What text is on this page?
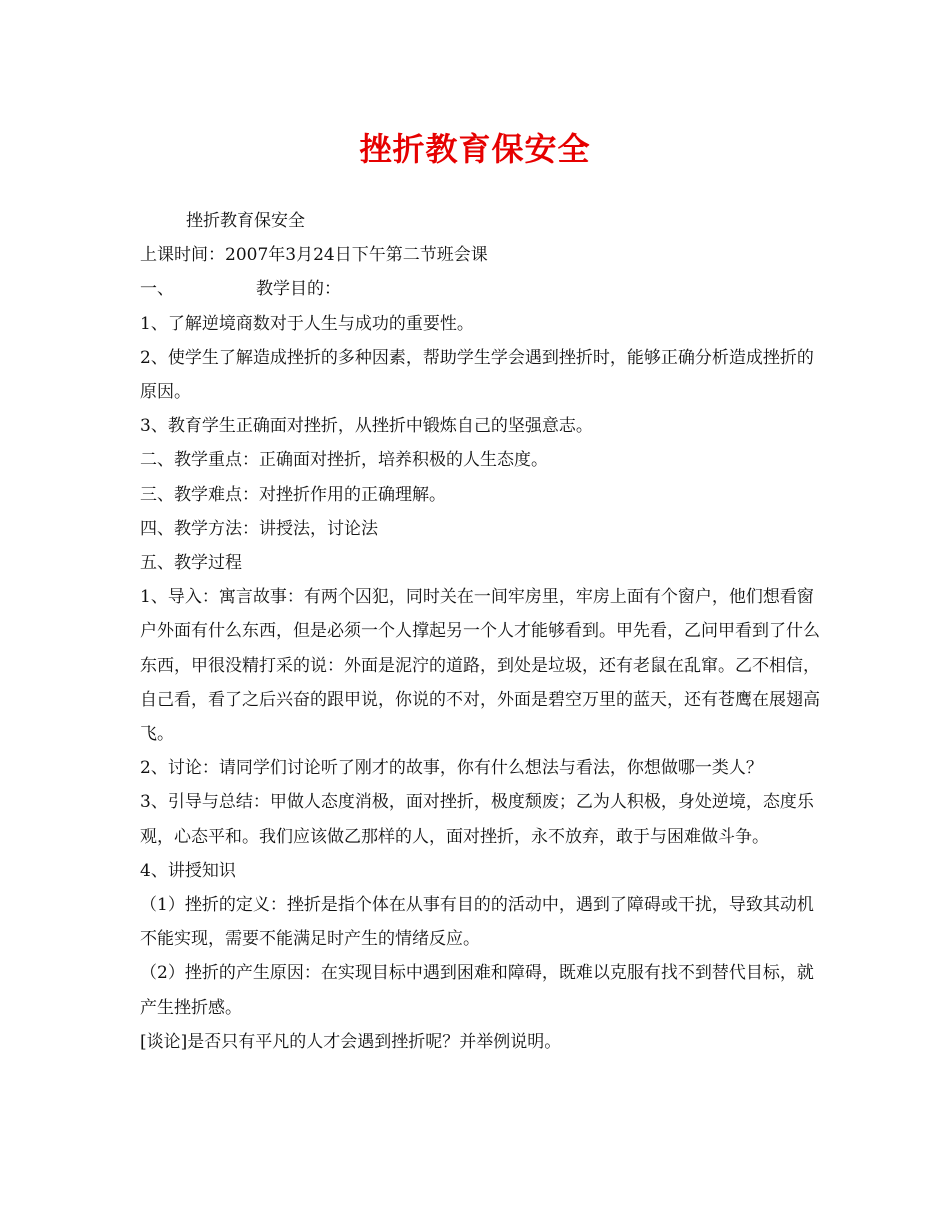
挫折教育保安全

挫折教育保安全

上课时间：2007年3月24日下午第二节班会课

一、	教学目的：

1、了解逆境商数对于人生与成功的重要性。

2、使学生了解造成挫折的多种因素，帮助学生学会遇到挫折时，能够正确分析造成挫折的原因。

3、教育学生正确面对挫折，从挫折中锻炼自己的坚强意志。

二、教学重点：正确面对挫折，培养积极的人生态度。

三、教学难点：对挫折作用的正确理解。

四、教学方法：讲授法，讨论法

五、教学过程

1、导入：寓言故事：有两个囚犯，同时关在一间牢房里，牢房上面有个窗户，他们想看窗户外面有什么东西，但是必须一个人撑起另一个人才能够看到。甲先看，乙问甲看到了什么东西，甲很没精打采的说：外面是泥泞的道路，到处是垃圾，还有老鼠在乱窜。乙不相信，自己看，看了之后兴奋的跟甲说，你说的不对，外面是碧空万里的蓝天，还有苍鹰在展翅高飞。

2、讨论：请同学们讨论听了刚才的故事，你有什么想法与看法，你想做哪一类人？

3、引导与总结：甲做人态度消极，面对挫折，极度颓废；乙为人积极，身处逆境，态度乐观，心态平和。我们应该做乙那样的人，面对挫折，永不放弃，敢于与困难做斗争。

4、讲授知识

（1）挫折的定义：挫折是指个体在从事有目的的活动中，遇到了障碍或干扰，导致其动机不能实现，需要不能满足时产生的情绪反应。

（2）挫折的产生原因：在实现目标中遇到困难和障碍，既难以克服有找不到替代目标，就产生挫折感。

[谈论]是否只有平凡的人才会遇到挫折呢？并举例说明。
